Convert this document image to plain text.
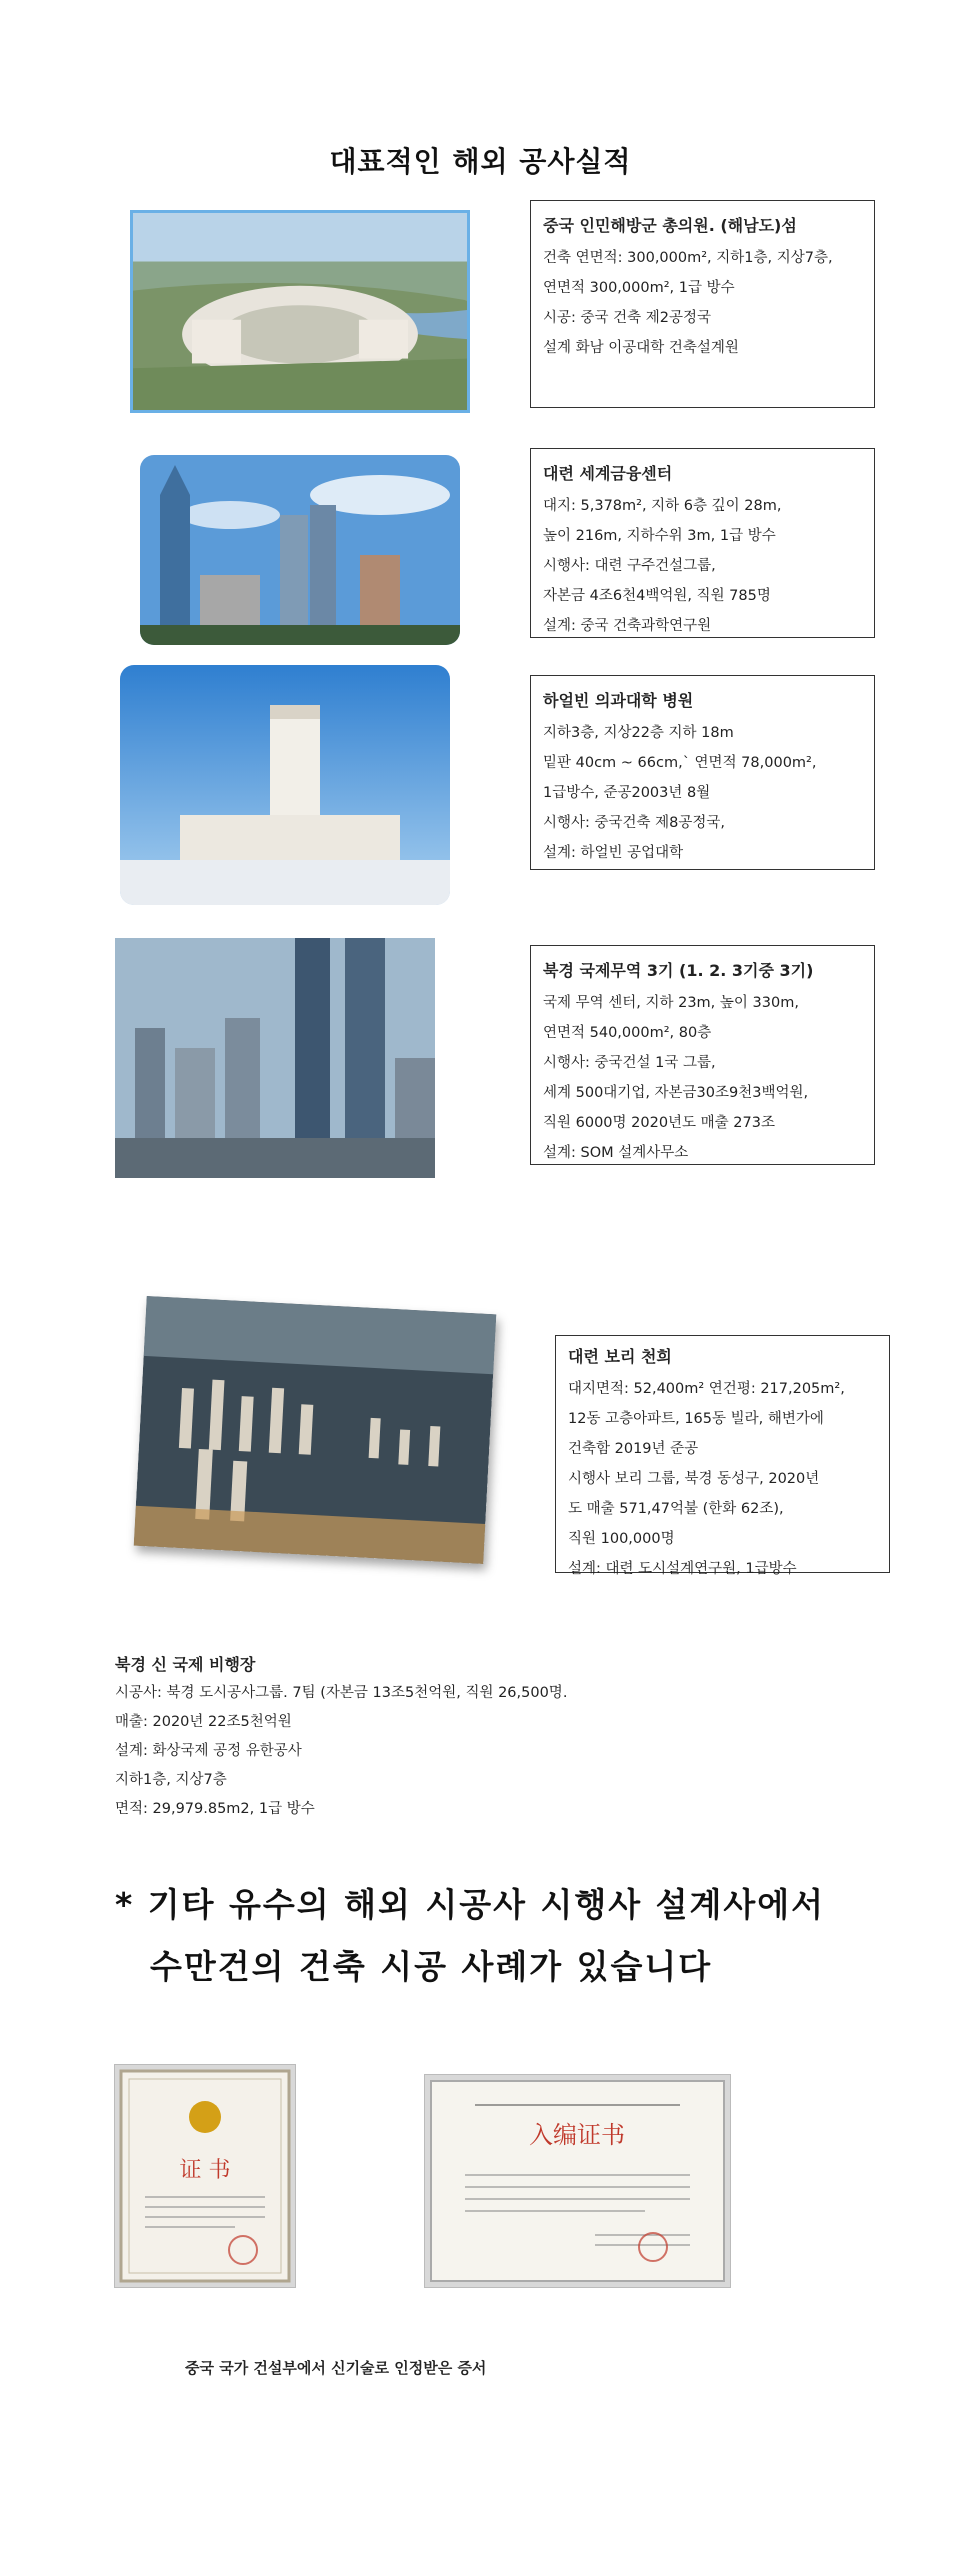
대표적인 해외 공사실적
중국 인민해방군 총의원. (해남도)섬
건축 연면적: 300,000m², 지하1층, 지상7층,
연면적 300,000m², 1급 방수
시공: 중국 건축 제2공정국
설계 화남 이공대학 건축설계원
대련 세계금융센터
대지: 5,378m², 지하 6층 깊이 28m,
높이 216m, 지하수위 3m, 1급 방수
시행사: 대련 구주건설그룹,
자본금 4조6천4백억원, 직원 785명
설계: 중국 건축과학연구원
하얼빈 의과대학 병원
지하3층, 지상22층 지하 18m
밑판 40cm ~ 66cm,` 연면적 78,000m²,
1급방수, 준공2003년 8월
시행사: 중국건축 제8공정국,
설계: 하얼빈 공업대학
북경 국제무역 3기 (1. 2. 3기중 3기)
국제 무역 센터, 지하 23m, 높이 330m,
연면적 540,000m², 80층
시행사: 중국건설 1국 그룹,
세계 500대기업, 자본금30조9천3백억원,
직원 6000명 2020년도 매출 273조
설계: SOM 설계사무소
대련 보리 천희
대지면적: 52,400m² 연건평: 217,205m²,
12동 고층아파트, 165동 빌라, 해변가에
건축함 2019년 준공
시행사 보리 그룹, 북경 동성구, 2020년
도 매출 571,47억불 (한화 62조),
직원 100,000명
설계: 대련 도시설계연구원, 1급방수
북경 신 국제 비행장
시공사: 북경 도시공사그룹. 7팀 (자본금 13조5천억원, 직원 26,500명.
매출: 2020년 22조5천억원
설계: 화상국제 공정 유한공사
지하1층, 지상7층
면적: 29,979.85m2, 1급 방수
* 기타 유수의 해외 시공사 시행사 설계사에서
수만건의 건축 시공 사례가 있습니다
证 书
入编证书
중국 국가 건설부에서 신기술로 인정받은 증서
